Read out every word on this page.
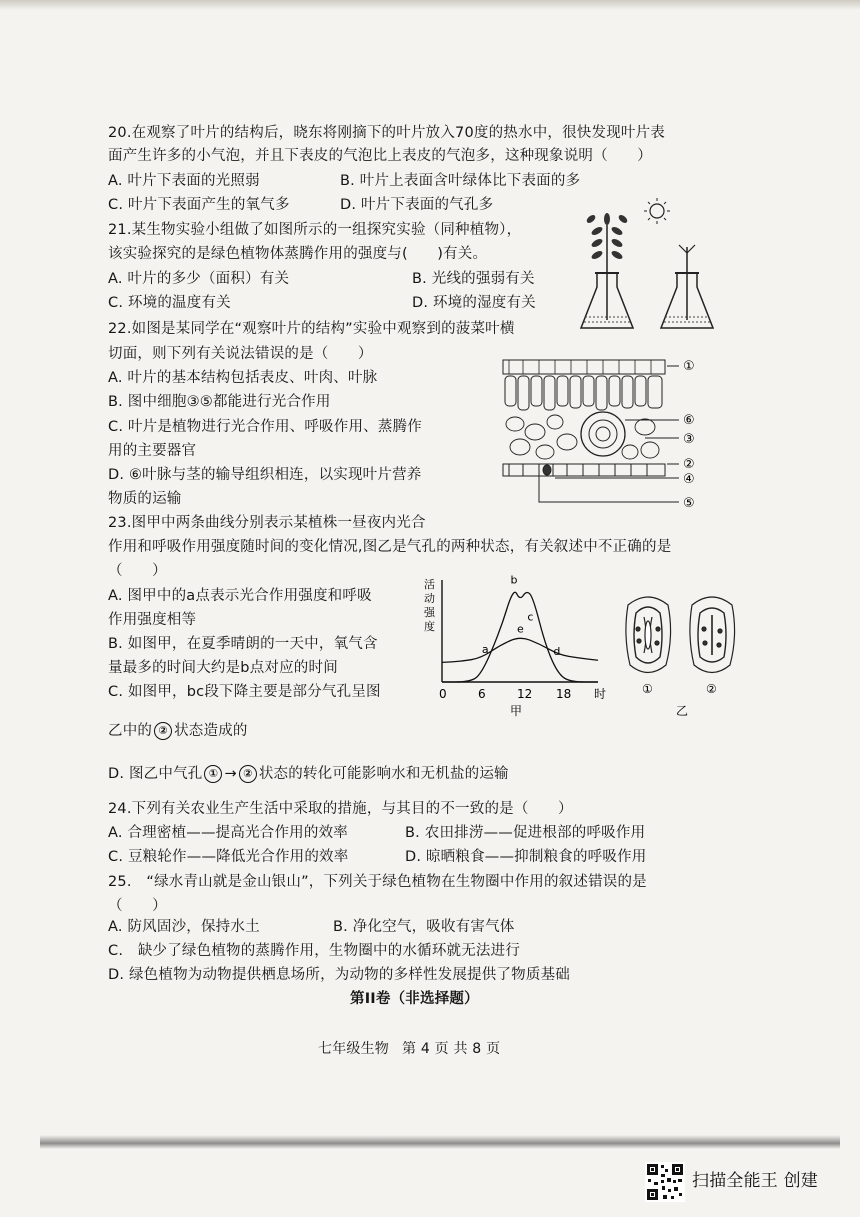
20.在观察了叶片的结构后，晓东将刚摘下的叶片放入70度的热水中，很快发现叶片表
面产生许多的小气泡，并且下表皮的气泡比上表皮的气泡多，这种现象说明（　　）
A. 叶片下表面的光照弱	B. 叶片上表面含叶绿体比下表面的多
C. 叶片下表面产生的氧气多	D. 叶片下表面的气孔多
21.某生物实验小组做了如图所示的一组探究实验（同种植物），
该实验探究的是绿色植物体蒸腾作用的强度与(　　)有关。
A. 叶片的多少（面积）有关	B. 光线的强弱有关
C. 环境的温度有关	D. 环境的湿度有关
22.如图是某同学在“观察叶片的结构”实验中观察到的菠菜叶横
切面，则下列有关说法错误的是（　　）
A. 叶片的基本结构包括表皮、叶肉、叶脉
B. 图中细胞③⑤都能进行光合作用
C. 叶片是植物进行光合作用、呼吸作用、蒸腾作
用的主要器官
D. ⑥叶脉与茎的输导组织相连，以实现叶片营养
物质的运输
①
⑥
③
②
④
⑤
23.图甲中两条曲线分别表示某植株一昼夜内光合
作用和呼吸作用强度随时间的变化情况,图乙是气孔的两种状态，有关叙述中不正确的是
（　　）
A. 图甲中的a点表示光合作用强度和呼吸
作用强度相等
B. 如图甲，在夏季晴朗的一天中，氧气含
量最多的时间大约是b点对应的时间
C. 如图甲，bc段下降主要是部分气孔呈图
乙中的 ② 状态造成的
D. 图乙中气孔 ① → ② 状态的转化可能影响水和无机盐的运输
活
动
强
度
0	6	12 18
a
b
c
e
d
时
甲
①	②
乙
24.下列有关农业生产生活中采取的措施，与其目的不一致的是（　　）
A. 合理密植——提高光合作用的效率	B. 农田排涝——促进根部的呼吸作用
C. 豆粮轮作——降低光合作用的效率	D. 晾晒粮食——抑制粮食的呼吸作用
25.　“绿水青山就是金山银山”，下列关于绿色植物在生物圈中作用的叙述错误的是
（　　）
A. 防风固沙，保持水土	B. 净化空气，吸收有害气体
C.　缺少了绿色植物的蒸腾作用，生物圈中的水循环就无法进行
D. 绿色植物为动物提供栖息场所，为动物的多样性发展提供了物质基础
第II卷（非选择题）
七年级生物 第 4 页 共 8 页
扫描全能王 创建
